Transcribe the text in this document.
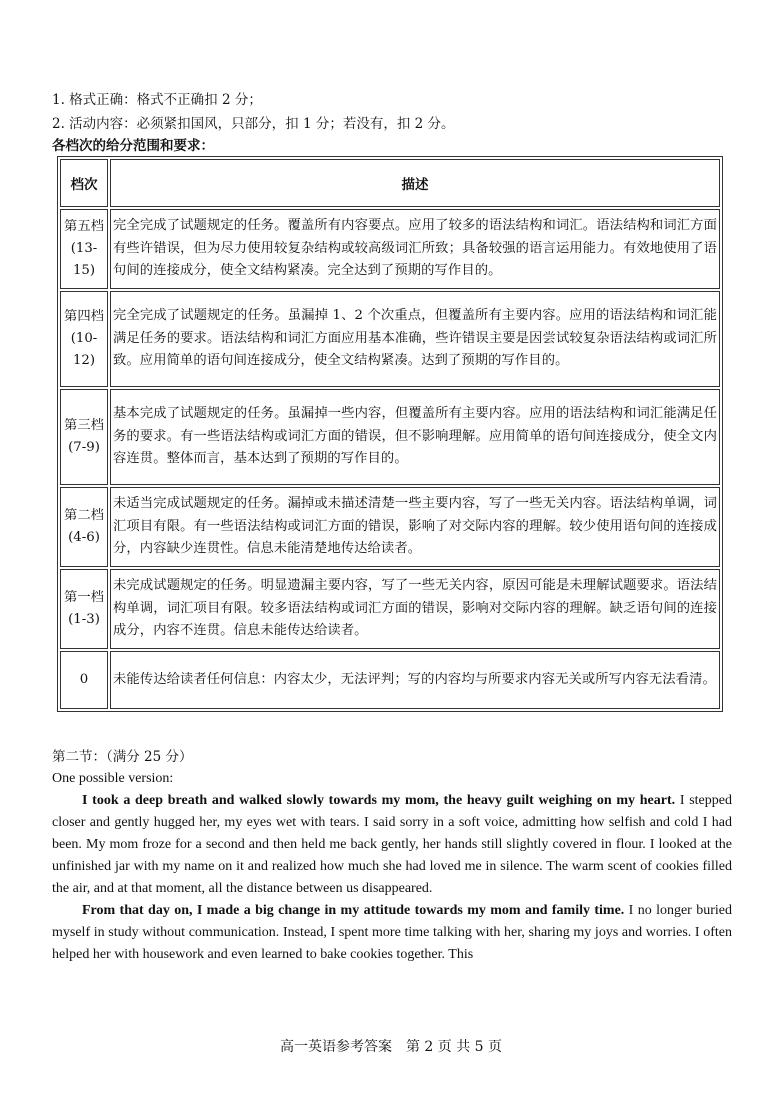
1. 格式正确：格式不正确扣 2 分；
2. 活动内容：必须紧扣国风，只部分，扣 1 分；若没有，扣 2 分。
各档次的给分范围和要求：
档次	描述
第五档
(13-15)	完全完成了试题规定的任务。覆盖所有内容要点。应用了较多的语法结构和词汇。语法结构和词汇方面有些许错误，但为尽力使用较复杂结构或较高级词汇所致；具备较强的语言运用能力。有效地使用了语句间的连接成分，使全文结构紧凑。完全达到了预期的写作目的。
第四档
(10-12)	完全完成了试题规定的任务。虽漏掉 1、2 个次重点，但覆盖所有主要内容。应用的语法结构和词汇能满足任务的要求。语法结构和词汇方面应用基本准确，些许错误主要是因尝试较复杂语法结构或词汇所致。应用简单的语句间连接成分，使全文结构紧凑。达到了预期的写作目的。
第三档
(7-9)	基本完成了试题规定的任务。虽漏掉一些内容，但覆盖所有主要内容。应用的语法结构和词汇能满足任务的要求。有一些语法结构或词汇方面的错误，但不影响理解。应用简单的语句间连接成分，使全文内容连贯。整体而言，基本达到了预期的写作目的。
第二档
(4-6)	未适当完成试题规定的任务。漏掉或未描述清楚一些主要内容，写了一些无关内容。语法结构单调，词汇项目有限。有一些语法结构或词汇方面的错误，影响了对交际内容的理解。较少使用语句间的连接成分，内容缺少连贯性。信息未能清楚地传达给读者。
第一档
(1-3)	未完成试题规定的任务。明显遗漏主要内容，写了一些无关内容，原因可能是未理解试题要求。语法结构单调，词汇项目有限。较多语法结构或词汇方面的错误，影响对交际内容的理解。缺乏语句间的连接成分，内容不连贯。信息未能传达给读者。
0	未能传达给读者任何信息：内容太少，无法评判；写的内容均与所要求内容无关或所写内容无法看清。

第二节：（满分 25 分）

One possible version:

I took a deep breath and walked slowly towards my mom, the heavy guilt weighing on my heart. I stepped closer and gently hugged her, my eyes wet with tears. I said sorry in a soft voice, admitting how selfish and cold I had been. My mom froze for a second and then held me back gently, her hands still slightly covered in flour. I looked at the unfinished jar with my name on it and realized how much she had loved me in silence. The warm scent of cookies filled the air, and at that moment, all the distance between us disappeared.

From that day on, I made a big change in my attitude towards my mom and family time. I no longer buried myself in study without communication. Instead, I spent more time talking with her, sharing my joys and worries. I often helped her with housework and even learned to bake cookies together. This

高一英语参考答案　第 2 页 共 5 页
